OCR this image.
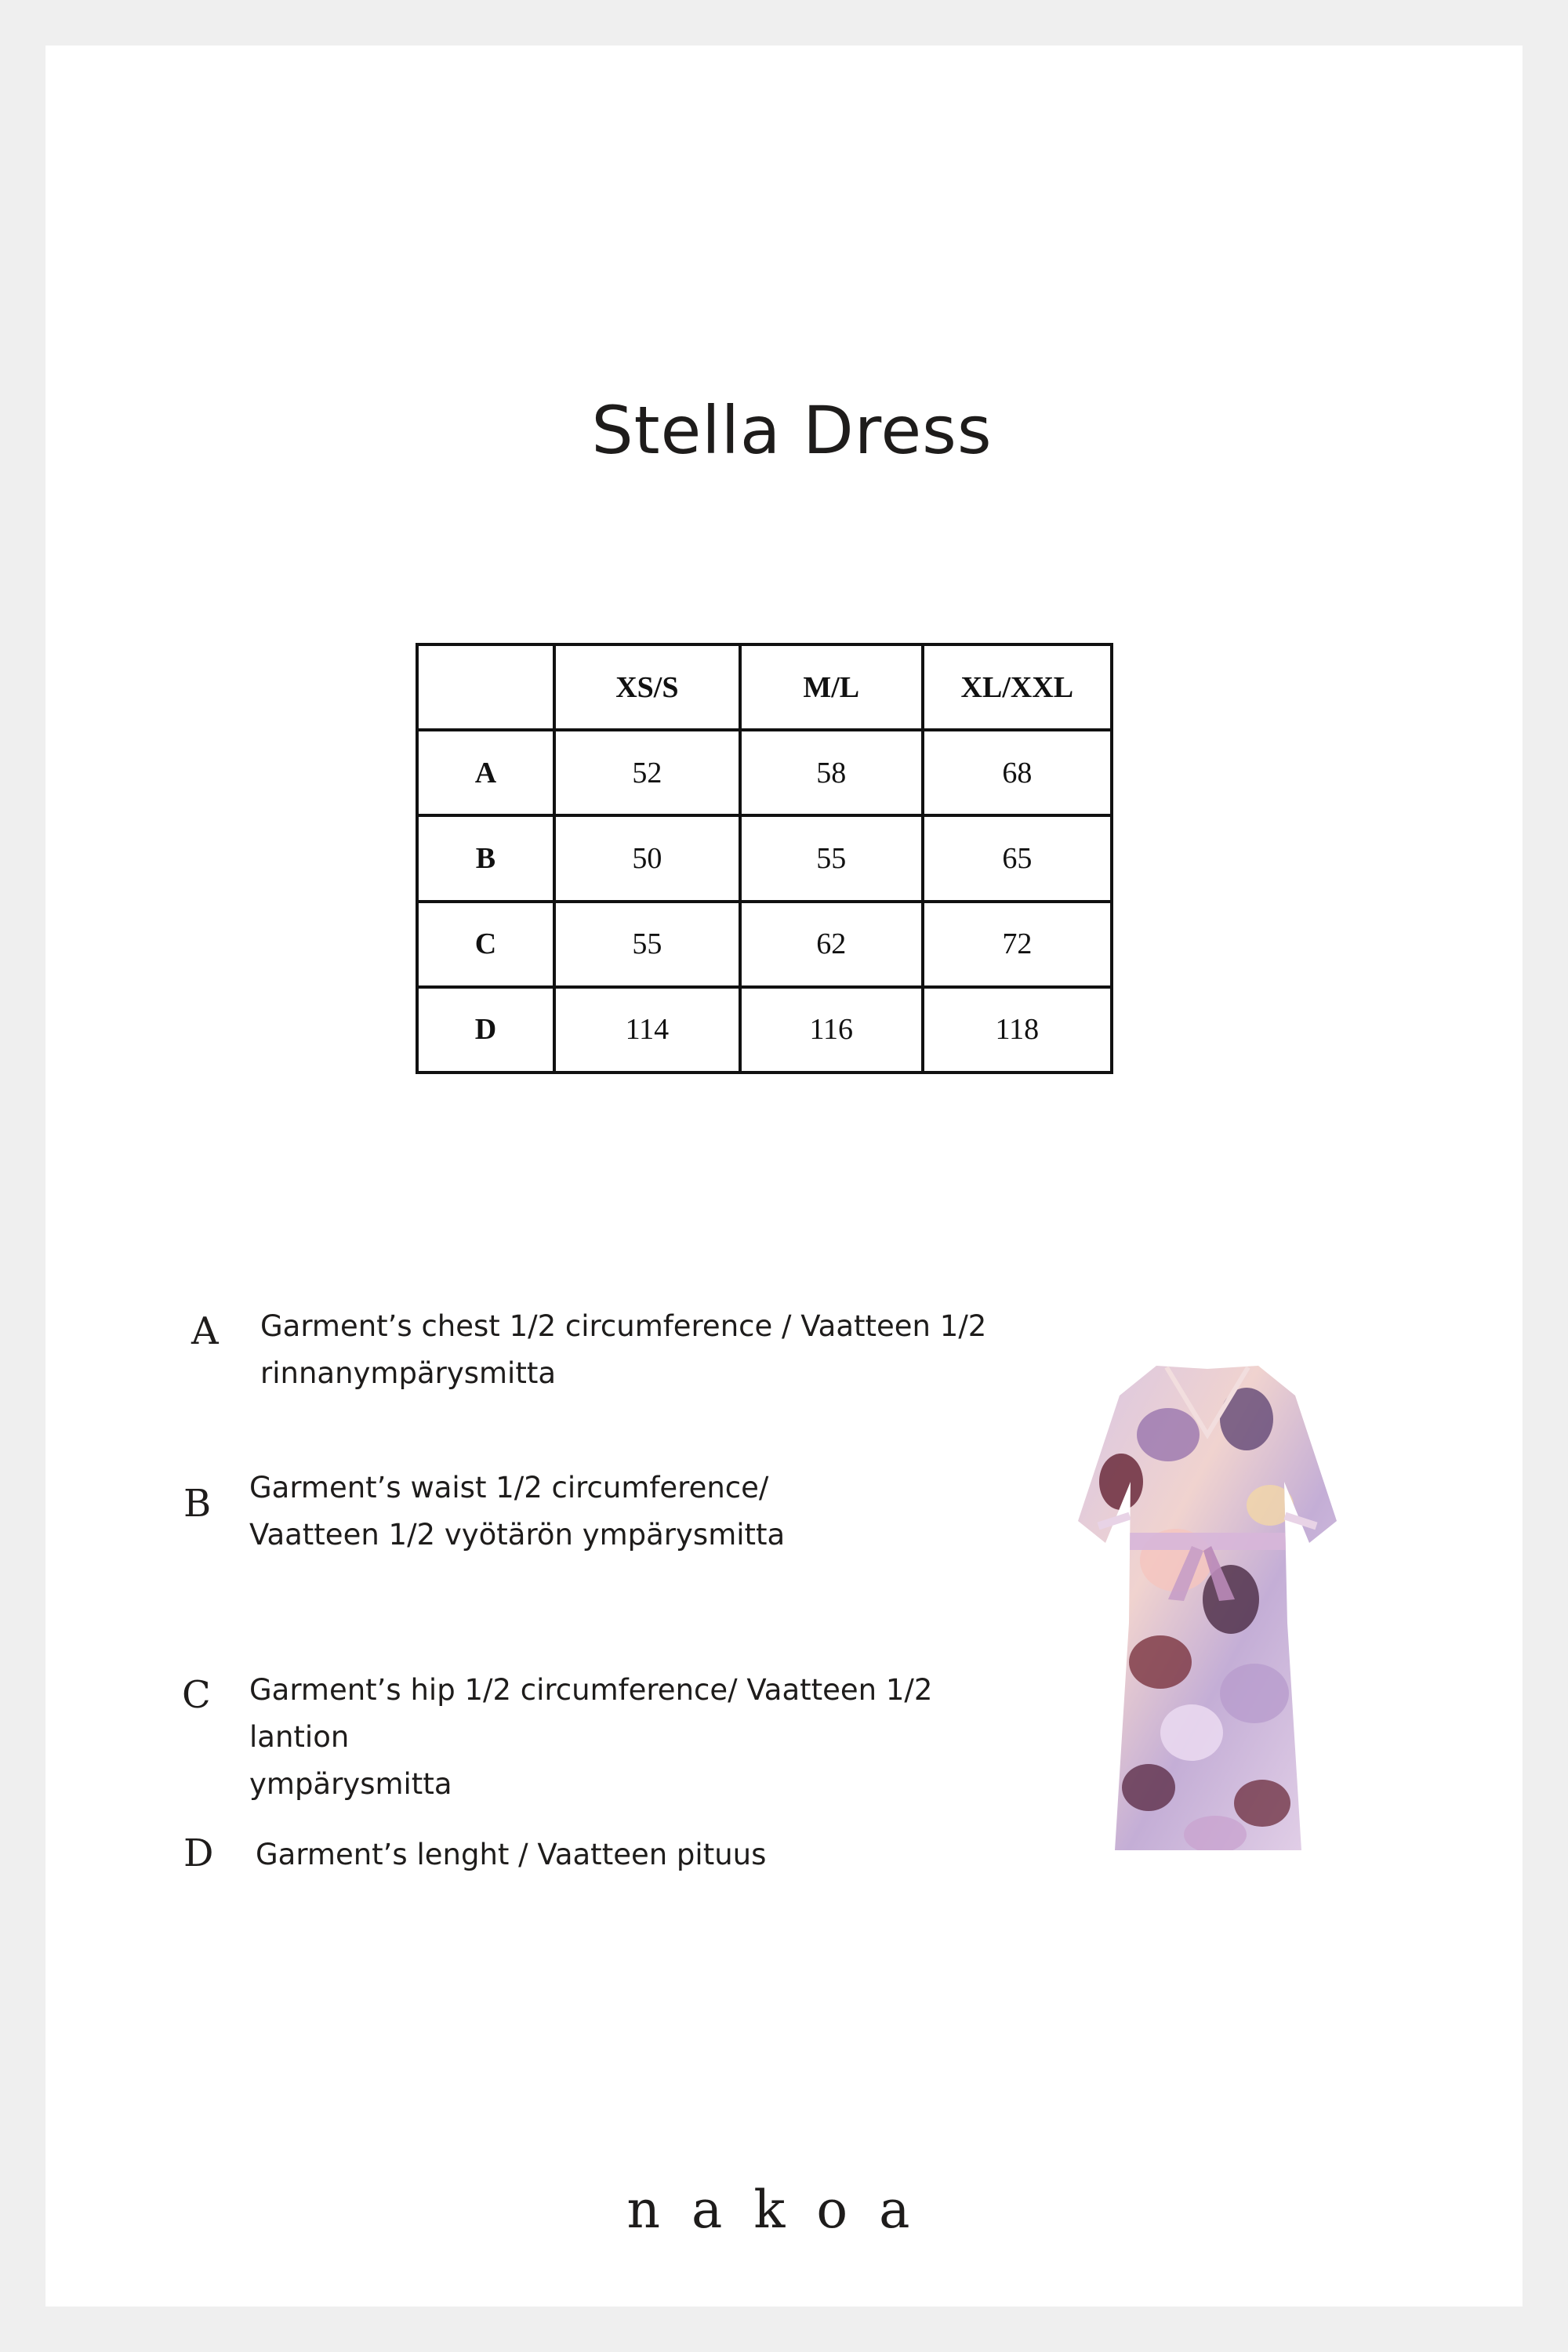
Stella Dress
	XS/S	M/L	XL/XXL
A	52	58	68
B	50	55	65
C	55	62	72
D	114	116	118
A Garment’s chest 1/2 circumference / Vaatteen 1/2
rinnanympärysmitta
B Garment’s waist 1/2 circumference/
Vaatteen 1/2 vyötärön ympärysmitta
C Garment’s hip 1/2 circumference/ Vaatteen 1/2 lantion
ympärysmitta
D Garment’s lenght / Vaatteen pituus
nakoa
